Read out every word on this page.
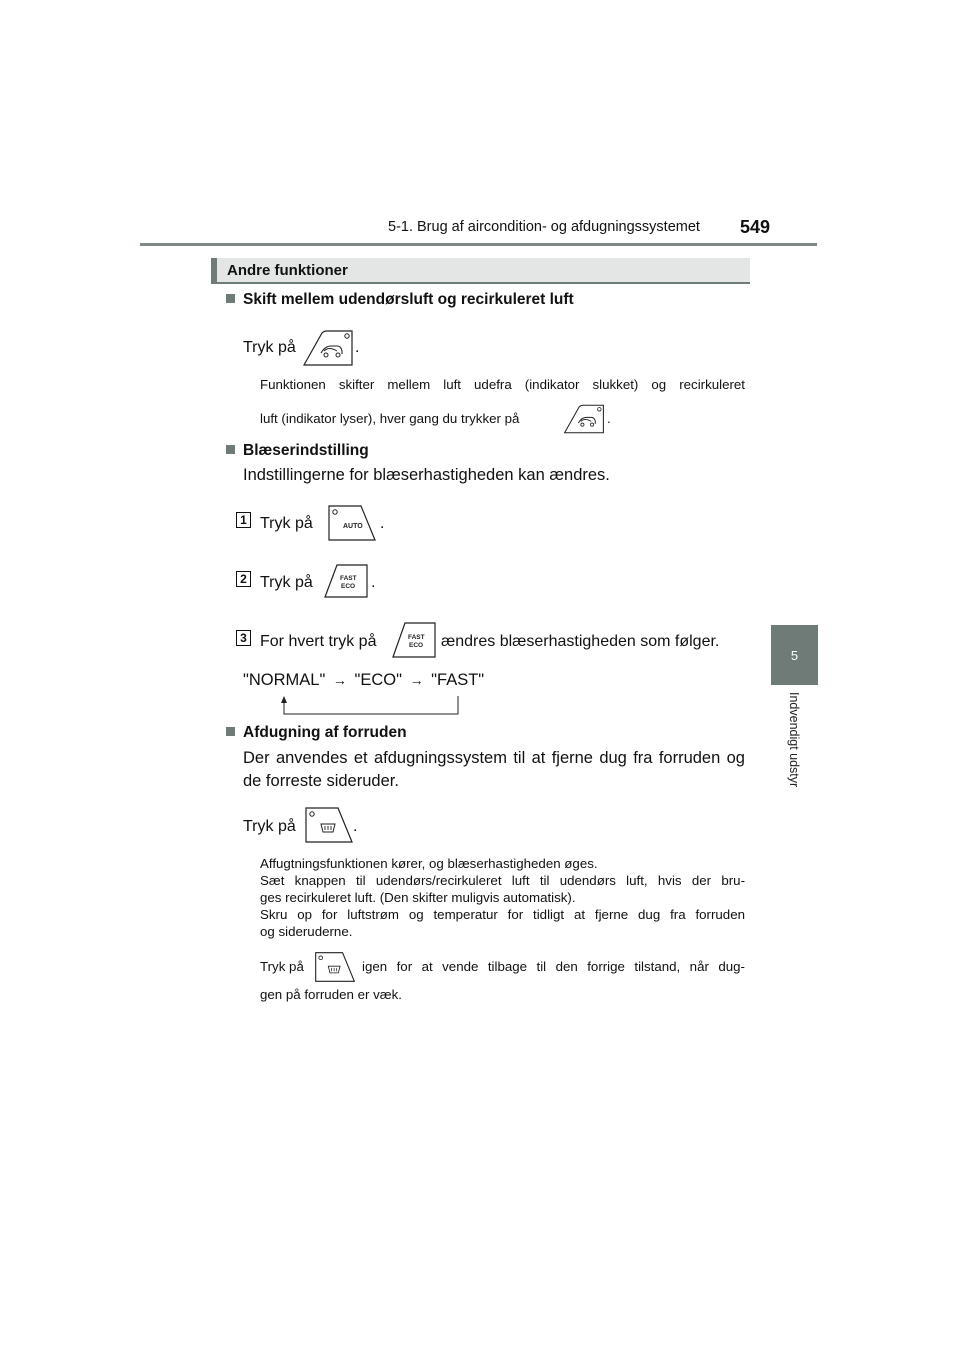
5-1. Brug af aircondition- og afdugningssystemet 549
5
Indvendigt udstyr
Andre funktioner
Skift mellem udendørsluft og recirkuleret luft
Tryk på	.
Funktionen skifter mellem luft udefra (indikator slukket) og recirkuleret
luft (indikator lyser), hver gang du trykker på	.
Blæserindstilling
Indstillingerne for blæserhastigheden kan ændres.
1 Tryk på	AUTO .
2 Tryk på	FAST
ECO .
3 For hvert tryk på	FAST
ECO ændres blæserhastigheden som følger.
"NORMAL" → "ECO" → "FAST"
Afdugning af forruden
Der anvendes et afdugningssystem til at fjerne dug fra forruden og
de forreste sideruder.
Tryk på	.
Affugtningsfunktionen kører, og blæserhastigheden øges.
Sæt knappen til udendørs/recirkuleret luft til udendørs luft, hvis der bru-
ges recirkuleret luft. (Den skifter muligvis automatisk).
Skru op for luftstrøm og temperatur for tidligt at fjerne dug fra forruden
og sideruderne.
Tryk på	igen for at vende tilbage til den forrige tilstand, når dug-
gen på forruden er væk.
